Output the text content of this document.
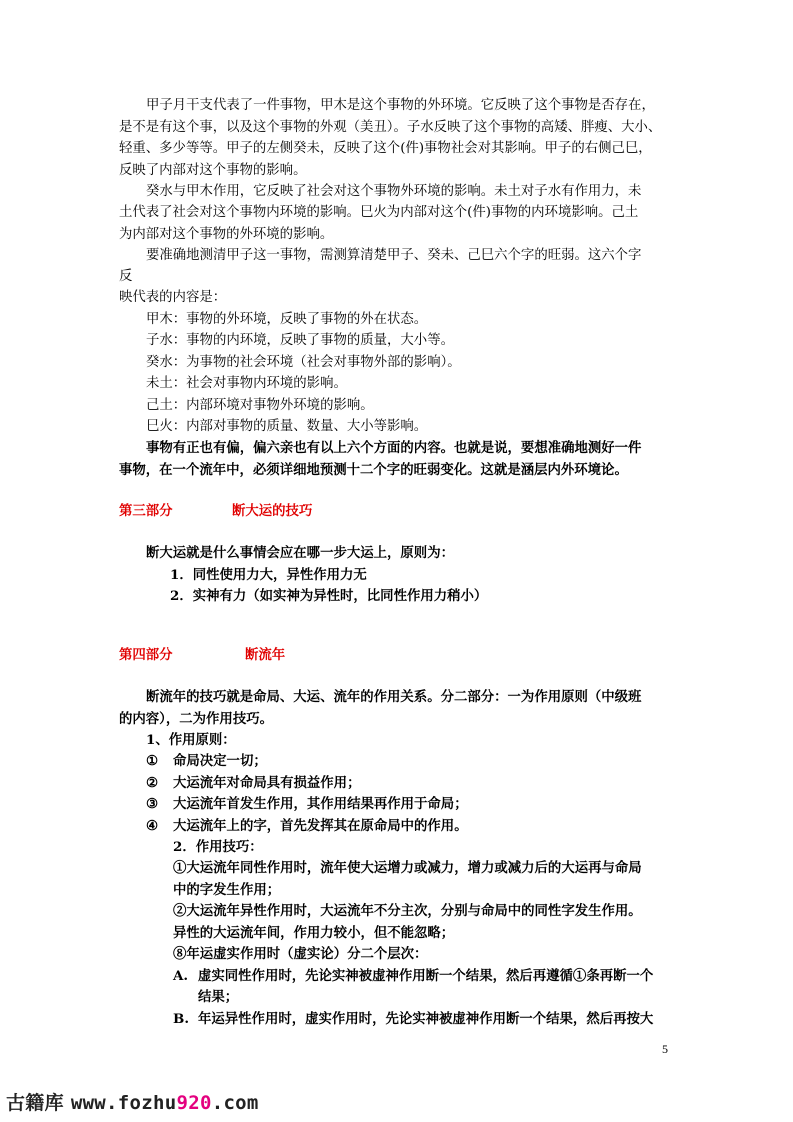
甲子月干支代表了一件事物，甲木是这个事物的外环境。它反映了这个事物是否存在，
是不是有这个事，以及这个事物的外观（美丑）。子水反映了这个事物的高矮、胖瘦、大小、
轻重、多少等等。甲子的左侧癸未，反映了这个(件)事物社会对其影响。甲子的右侧己巳，
反映了内部对这个事物的影响。
癸水与甲木作用，它反映了社会对这个事物外环境的影响。未土对子水有作用力，未
土代表了社会对这个事物内环境的影响。巳火为内部对这个(件)事物的内环境影响。己土
为内部对这个事物的外环境的影响。
要准确地测清甲子这一事物，需测算清楚甲子、癸未、己巳六个字的旺弱。这六个字
反
映代表的内容是：
甲木：事物的外环境，反映了事物的外在状态。
子水：事物的内环境，反映了事物的质量，大小等。
癸水：为事物的社会环境（社会对事物外部的影响）。
未土：社会对事物内环境的影响。
己土：内部环境对事物外环境的影响。
巳火：内部对事物的质量、数量、大小等影响。
事物有正也有偏，偏六亲也有以上六个方面的内容。也就是说，要想准确地测好一件
事物，在一个流年中，必须详细地预测十二个字的旺弱变化。这就是涵层内外环境论。
第三部分	断大运的技巧
断大运就是什么事情会应在哪一步大运上，原则为：
1．同性使用力大，异性作用力无
2．实神有力（如实神为异性时，比同性作用力稍小）
第四部分	断流年
断流年的技巧就是命局、大运、流年的作用关系。分二部分：一为作用原则（中级班
的内容），二为作用技巧。
1、作用原则：
① 命局决定一切；
② 大运流年对命局具有损益作用；
③ 大运流年首发生作用，其作用结果再作用于命局；
④ 大运流年上的字，首先发挥其在原命局中的作用。
2．作用技巧：
①大运流年同性作用时，流年使大运增力或减力，增力或减力后的大运再与命局
中的字发生作用；
②大运流年异性作用时，大运流年不分主次，分别与命局中的同性字发生作用。
异性的大运流年间，作用力较小，但不能忽略；
⑧年运虚实作用时（虚实论）分二个层次：
A. 虚实同性作用时，先论实神被虚神作用断一个结果，然后再遵循①条再断一个
结果；
B. 年运异性作用时，虚实作用时，先论实神被虚神作用断一个结果，然后再按大
5
古籍库 www.fozhu920.com
